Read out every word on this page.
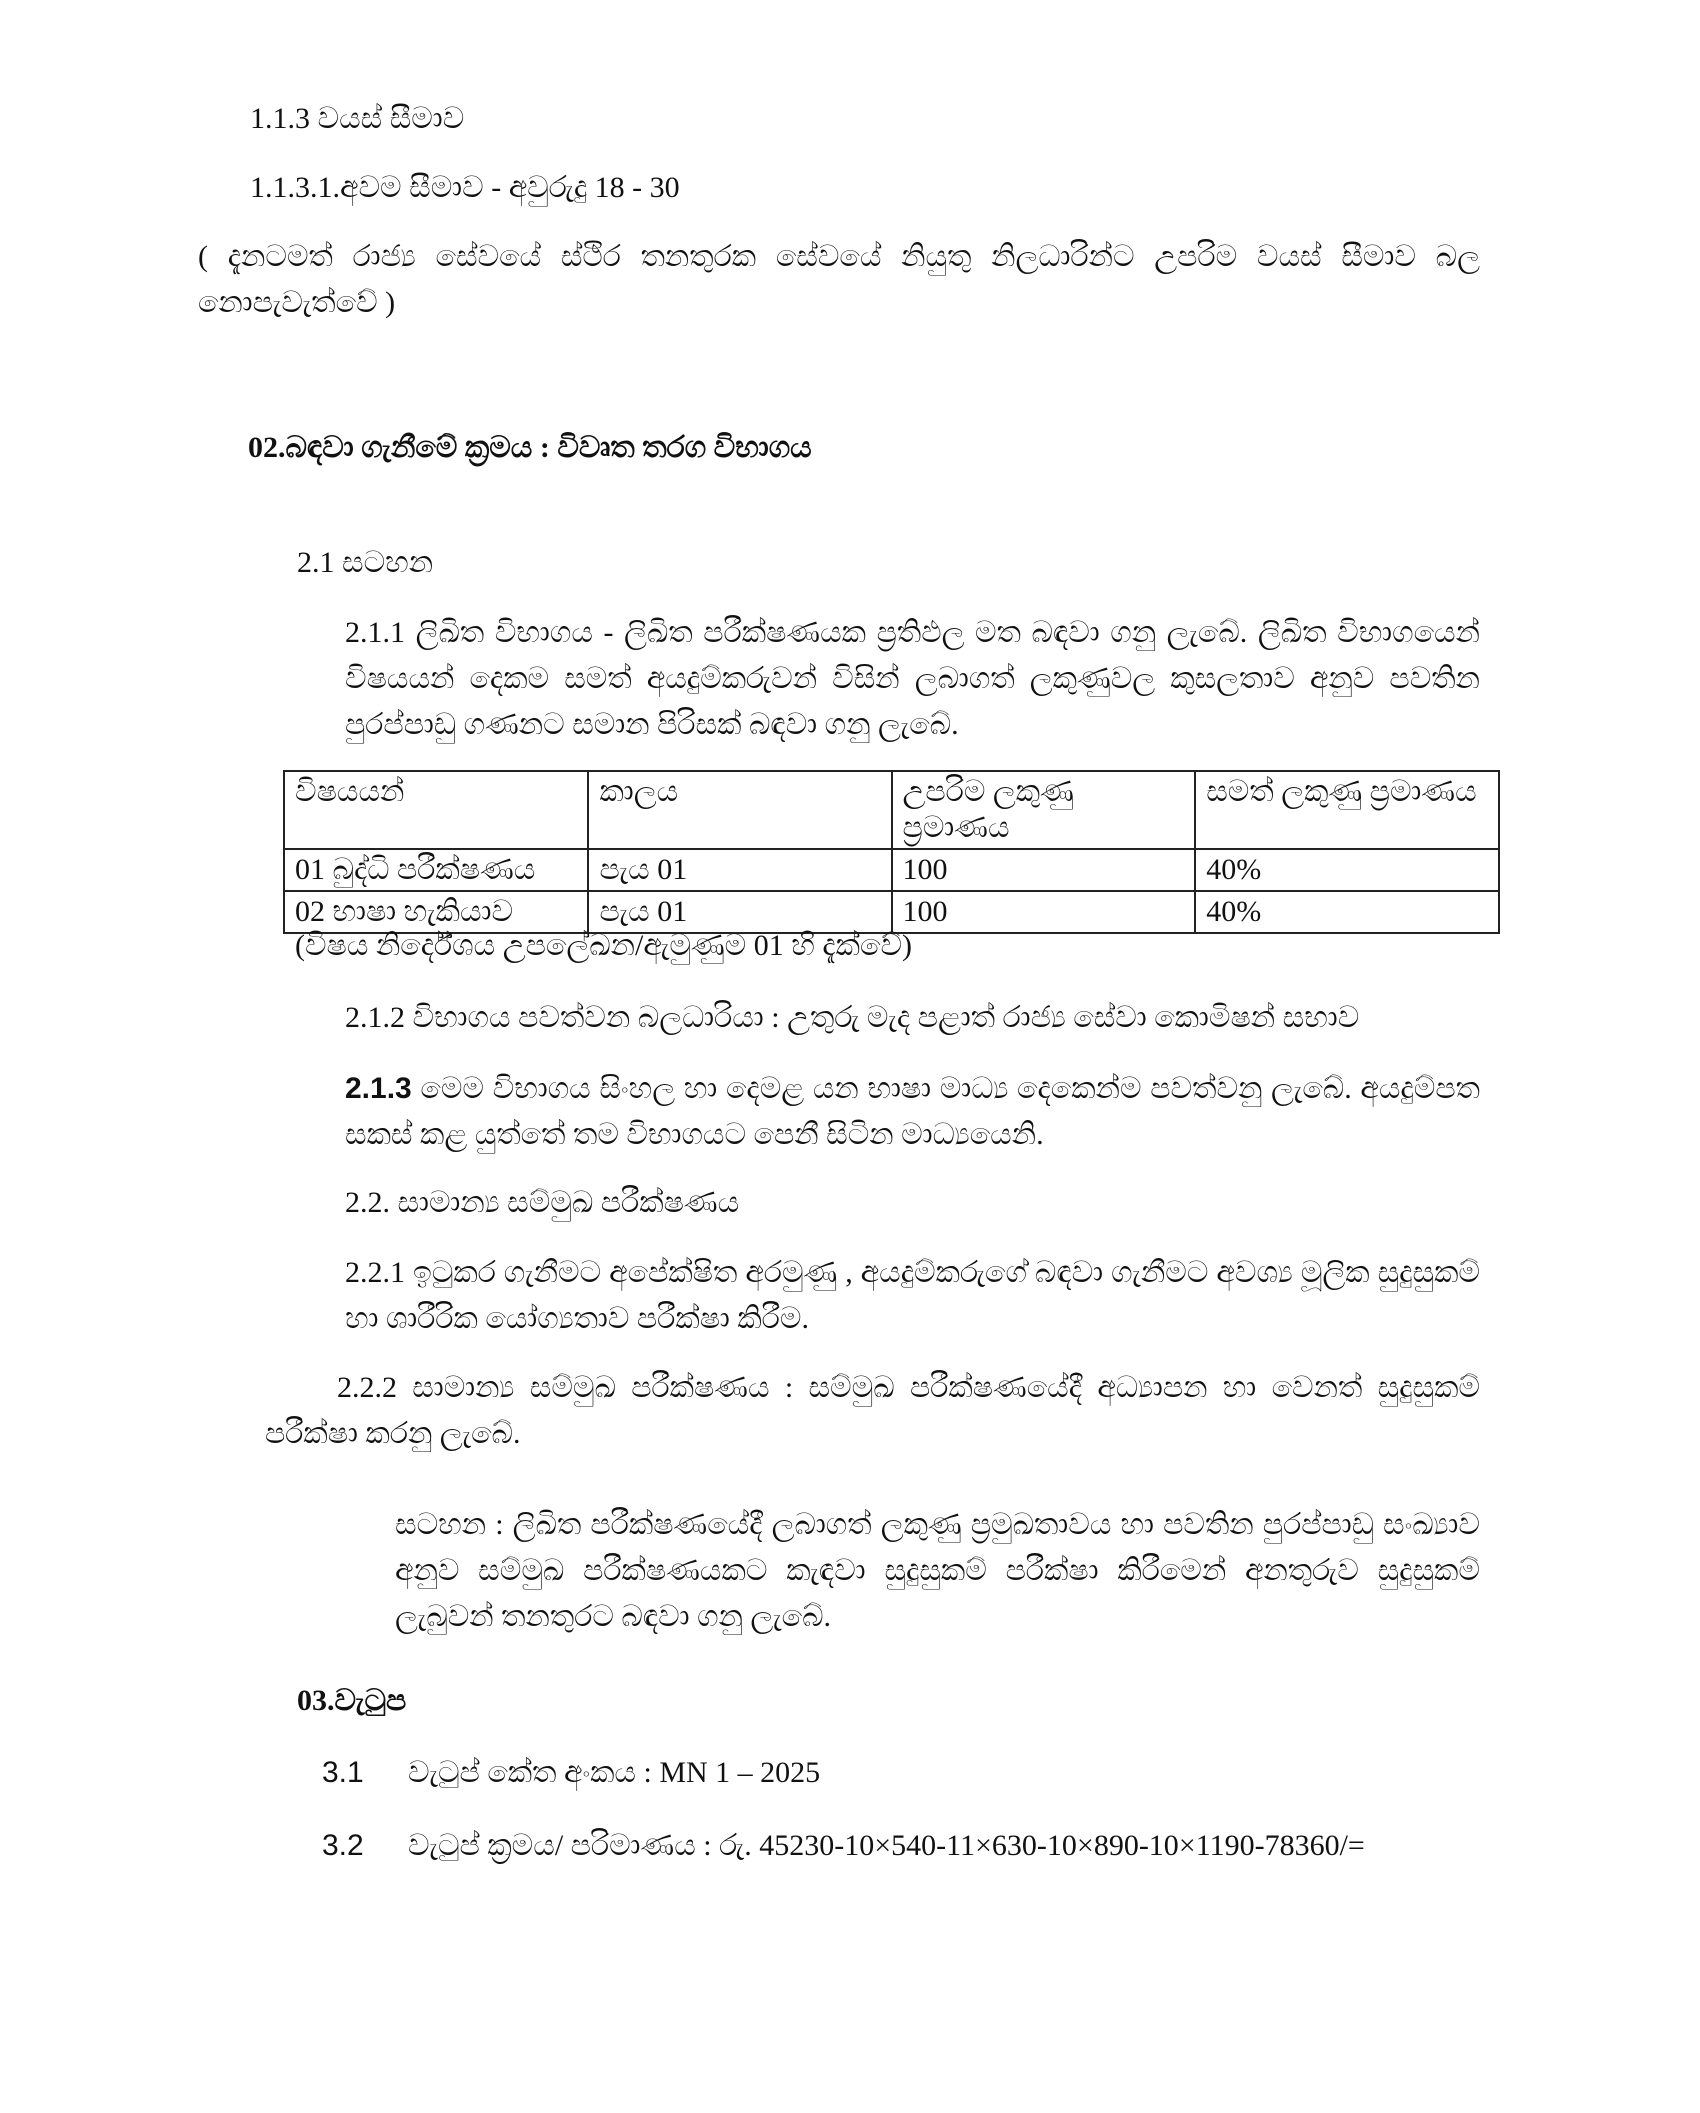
1.1.3 වයස් සීමාව
1.1.3.1.අවම සීමාව - අවුරුදු 18 - 30
( දැනටමත් රාජ්‍ය සේවයේ ස්ථිර තනතුරක සේවයේ නියුතු නිලධාරින්ට උපරිම වයස් සීමාව බල නොපැවැත්වේ )
02.බඳවා ගැනීමේ ක්‍රමය : විවෘත තරග විභාගය
2.1 සටහන
2.1.1 ලිඛිත විභාගය - ලිඛිත පරීක්ෂණයක ප්‍රතිඵල මත බඳවා ගනු ලැබේ. ලිඛිත විභාගයෙන් විෂයයන් දෙකම සමත් අයදුම්කරුවන් විසින් ලබාගත් ලකුණුවල කුසලතාව අනුව පවතින පුරප්පාඩු ගණනට සමාන පිරිසක් බඳවා ගනු ලැබේ.
විෂයයන්	කාලය	උපරිම ලකුණු ප්‍රමාණය	සමත් ලකුණු ප්‍රමාණය
01 බුද්ධි පරීක්ෂණය	පැය 01	100	40%
02 භාෂා හැකියාව	පැය 01	100	40%
(විෂය නිර්දේශය උපලේඛන/ඇමුණුම 01 හි දැක්වේ)
2.1.2 විභාගය පවත්වන බලධාරියා : උතුරු මැද පළාත් රාජ්‍ය සේවා කොමිෂන් සභාව
2.1.3 මෙම විභාගය සිංහල හා දෙමළ යන භාෂා මාධ්‍ය දෙකෙන්ම පවත්වනු ලැබේ. අයදුම්පත සකස් කළ යුත්තේ තම විභාගයට පෙනී සිටින මාධ්‍යයෙනි.
2.2. සාමාන්‍ය සම්මුඛ පරීක්ෂණය
2.2.1 ඉටුකර ගැනීමට අපේක්ෂිත අරමුණු , අයදුම්කරුගේ බඳවා ගැනීමට අවශ්‍ය මූලික සුදුසුකම් හා ශාරීරික යෝග්‍යතාව පරීක්ෂා කිරීම.
2.2.2 සාමාන්‍ය සම්මුඛ පරීක්ෂණය : සම්මුඛ පරීක්ෂණයේදී අධ්‍යාපන හා වෙනත් සුදුසුකම් පරීක්ෂා කරනු ලැබේ.
සටහන : ලිඛිත පරීක්ෂණයේදී ලබාගත් ලකුණු ප්‍රමුඛතාවය හා පවතින පුරප්පාඩු සංඛ්‍යාව අනුව සම්මුඛ පරීක්ෂණයකට කැඳවා සුදුසුකම් පරීක්ෂා කිරීමෙන් අනතුරුව සුදුසුකම් ලැබුවන් තනතුරට බඳවා ගනු ලැබේ.
03.වැටුප
3.1 වැටුප් කේත අංකය : MN 1 – 2025
3.2 වැටුප් ක්‍රමය/ පරිමාණය : රු. 45230-10×540-11×630-10×890-10×1190-78360/=
